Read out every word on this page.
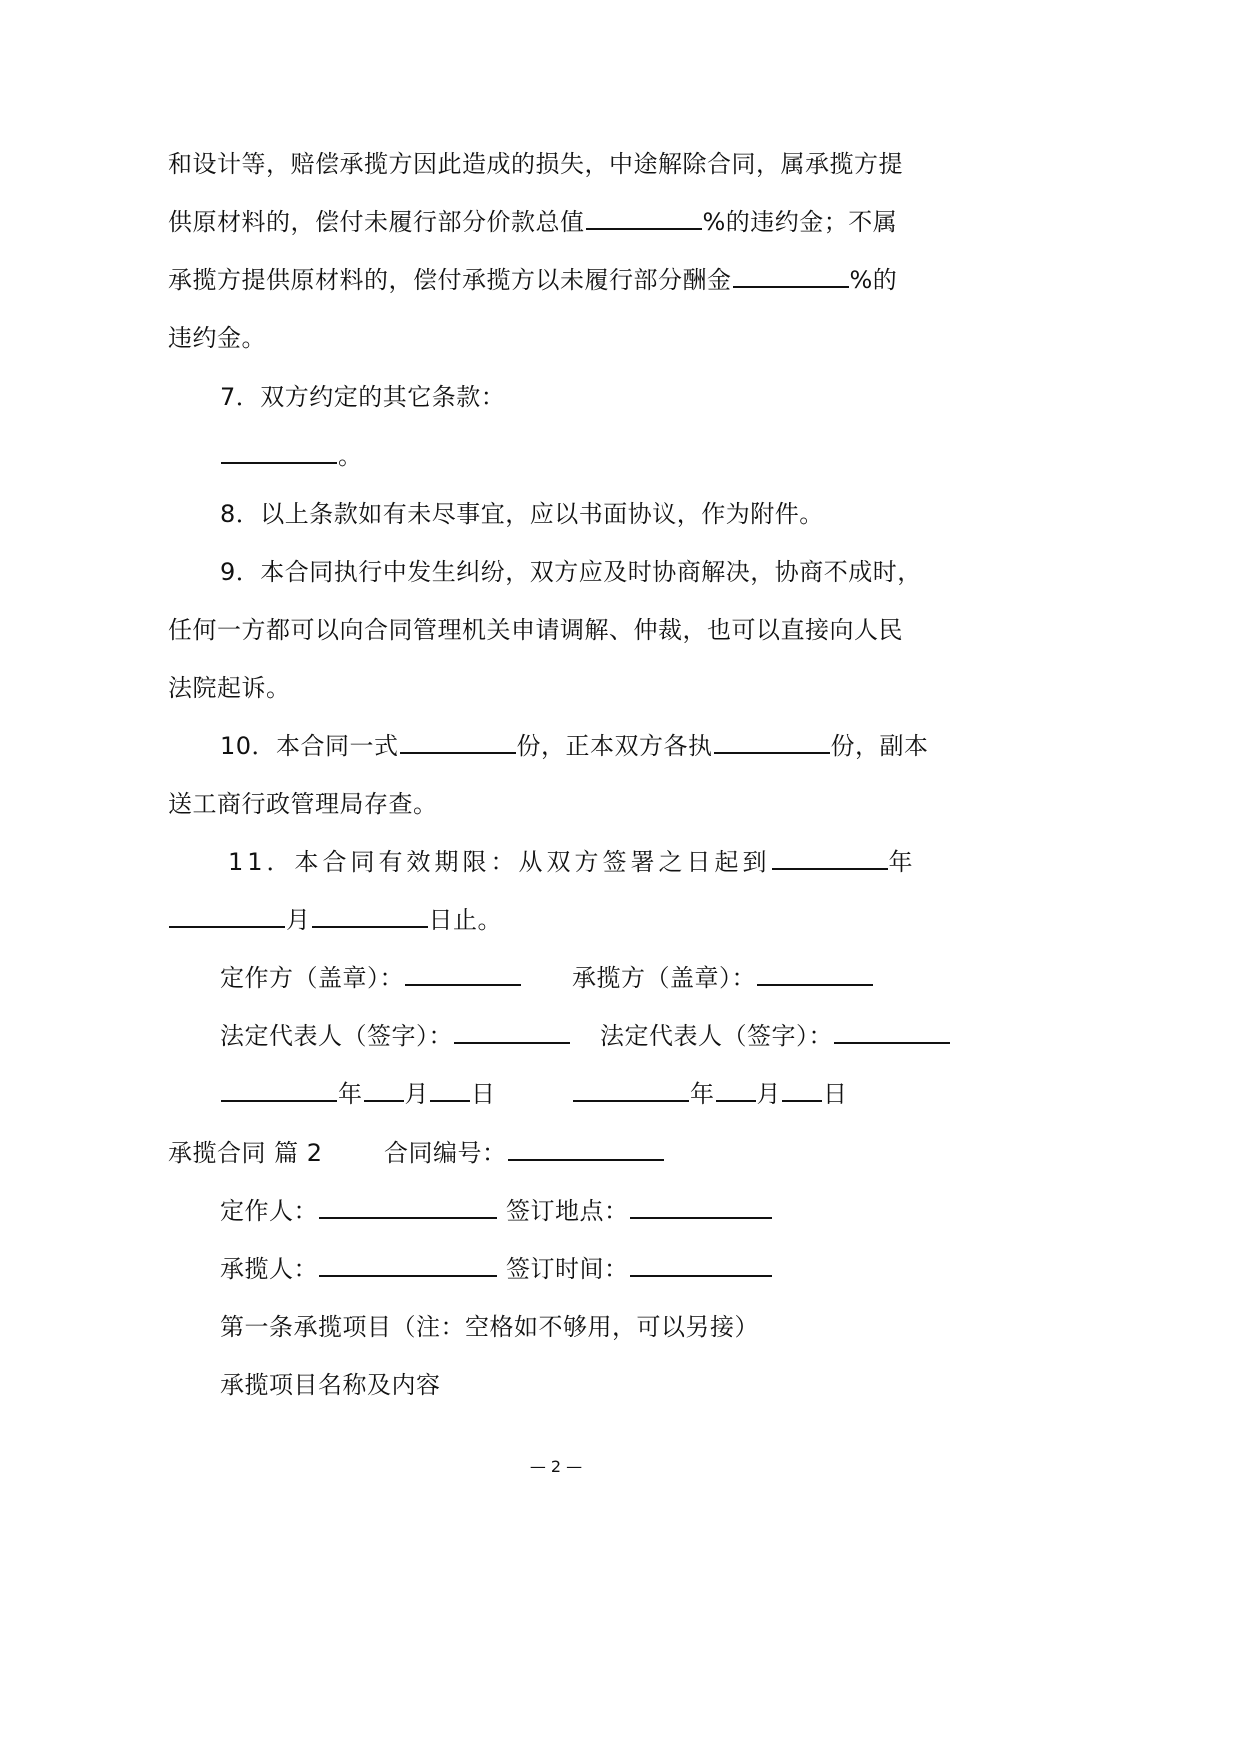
和设计等，赔偿承揽方因此造成的损失，中途解除合同，属承揽方提
供原材料的，偿付未履行部分价款总值	%的违约金；不属
承揽方提供原材料的，偿付承揽方以未履行部分酬金	%的
违约金。
7．双方约定的其它条款：
。
8．以上条款如有未尽事宜，应以书面协议，作为附件。
9．本合同执行中发生纠纷，双方应及时协商解决，协商不成时，
任何一方都可以向合同管理机关申请调解、仲裁，也可以直接向人民
法院起诉。
10．本合同一式	份，正本双方各执	份，副本
送工商行政管理局存查。
11．本合同有效期限：从双方签署之日起到	年
月	日止。
定作方（盖章）：	承揽方（盖章）：
法定代表人（签字）：	法定代表人（签字）：
年 月 日	年 月 日
承揽合同 篇 2	合同编号：
定作人：	签订地点：
承揽人：	签订时间：
第一条承揽项目（注：空格如不够用，可以另接）
承揽项目名称及内容
— 2 —
